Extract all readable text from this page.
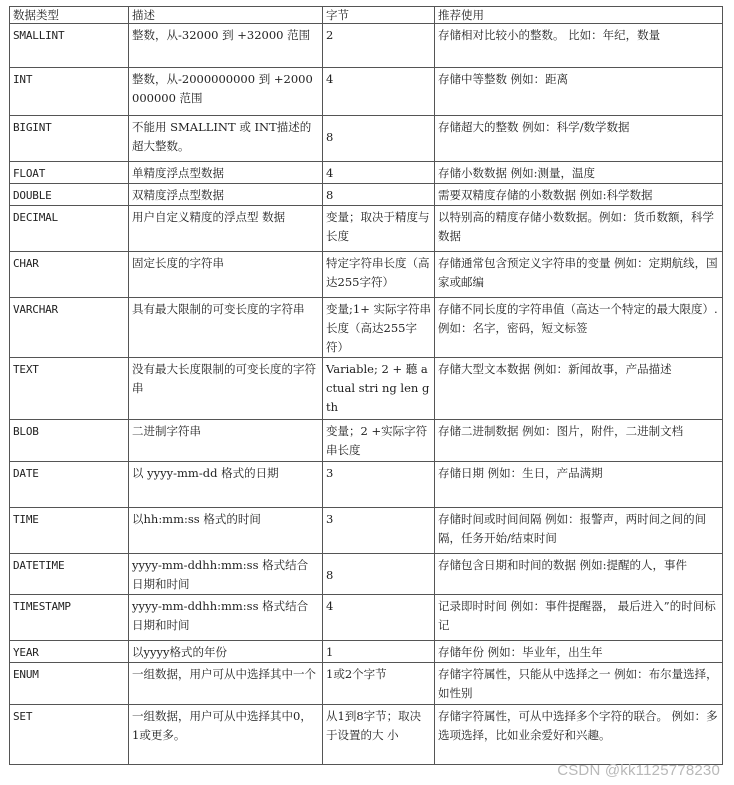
数据类型	描述	字节	推荐使用
SMALLINT	整数，从-32000 到 +32000 范围	2	存储相对比较小的整数。 比如：年纪，数量
INT	整数，从-2000000000 到 +2000000000 范围	4	存储中等整数 例如：距离
BIGINT	不能用 SMALLINT 或 INT描述的超大整数。	8	存储超大的整数 例如：科学/数学数据
FLOAT	单精度浮点型数据	4	存储小数数据 例如:测量，温度
DOUBLE	双精度浮点型数据	8	需要双精度存储的小数数据 例如:科学数据
DECIMAL	用户自定义精度的浮点型 数据	变量；取决于精度与长度	以特别高的精度存储小数数据。例如：货币数额，科学数据
CHAR	固定长度的字符串	特定字符串长度（高达255字符）	存储通常包含预定义字符串的变量 例如：定期航线，国家或邮编
VARCHAR	具有最大限制的可变长度的字符串	变量;1+ 实际字符串长度（高达255字符）	存储不同长度的字符串值（高达一个特定的最大限度）.例如：名字，密码，短文标签
TEXT	没有最大长度限制的可变长度的字符串	Variable; 2 + 聽 actual stri ng len gth	存储大型文本数据 例如：新闻故事，产品描述
BLOB	二进制字符串	变量；2 +实际字符串长度	存储二进制数据 例如：图片，附件，二进制文档
DATE	以 yyyy-mm-dd 格式的日期	3	存储日期 例如：生日，产品满期
TIME	以hh:mm:ss 格式的时间	3	存储时间或时间间隔 例如：报警声，两时间之间的间隔，任务开始/结束时间
DATETIME	yyyy-mm-ddhh:mm:ss 格式结合日期和时间	8	存储包含日期和时间的数据 例如:提醒的人，事件
TIMESTAMP	yyyy-mm-ddhh:mm:ss 格式结合日期和时间	4	记录即时时间 例如：事件提醒器， 最后进入”的时间标记
YEAR	以yyyy格式的年份	1	存储年份 例如：毕业年，出生年
ENUM	一组数据，用户可从中选择其中一个	1或2个字节	存储字符属性，只能从中选择之一 例如：布尔量选择，如性别
SET	一组数据，用户可从中选择其中0，1或更多。	从1到8字节；取决于设置的大 小	存储字符属性，可从中选择多个字符的联合。 例如：多选项选择，比如业余爱好和兴趣。
CSDN @kk1125778230
